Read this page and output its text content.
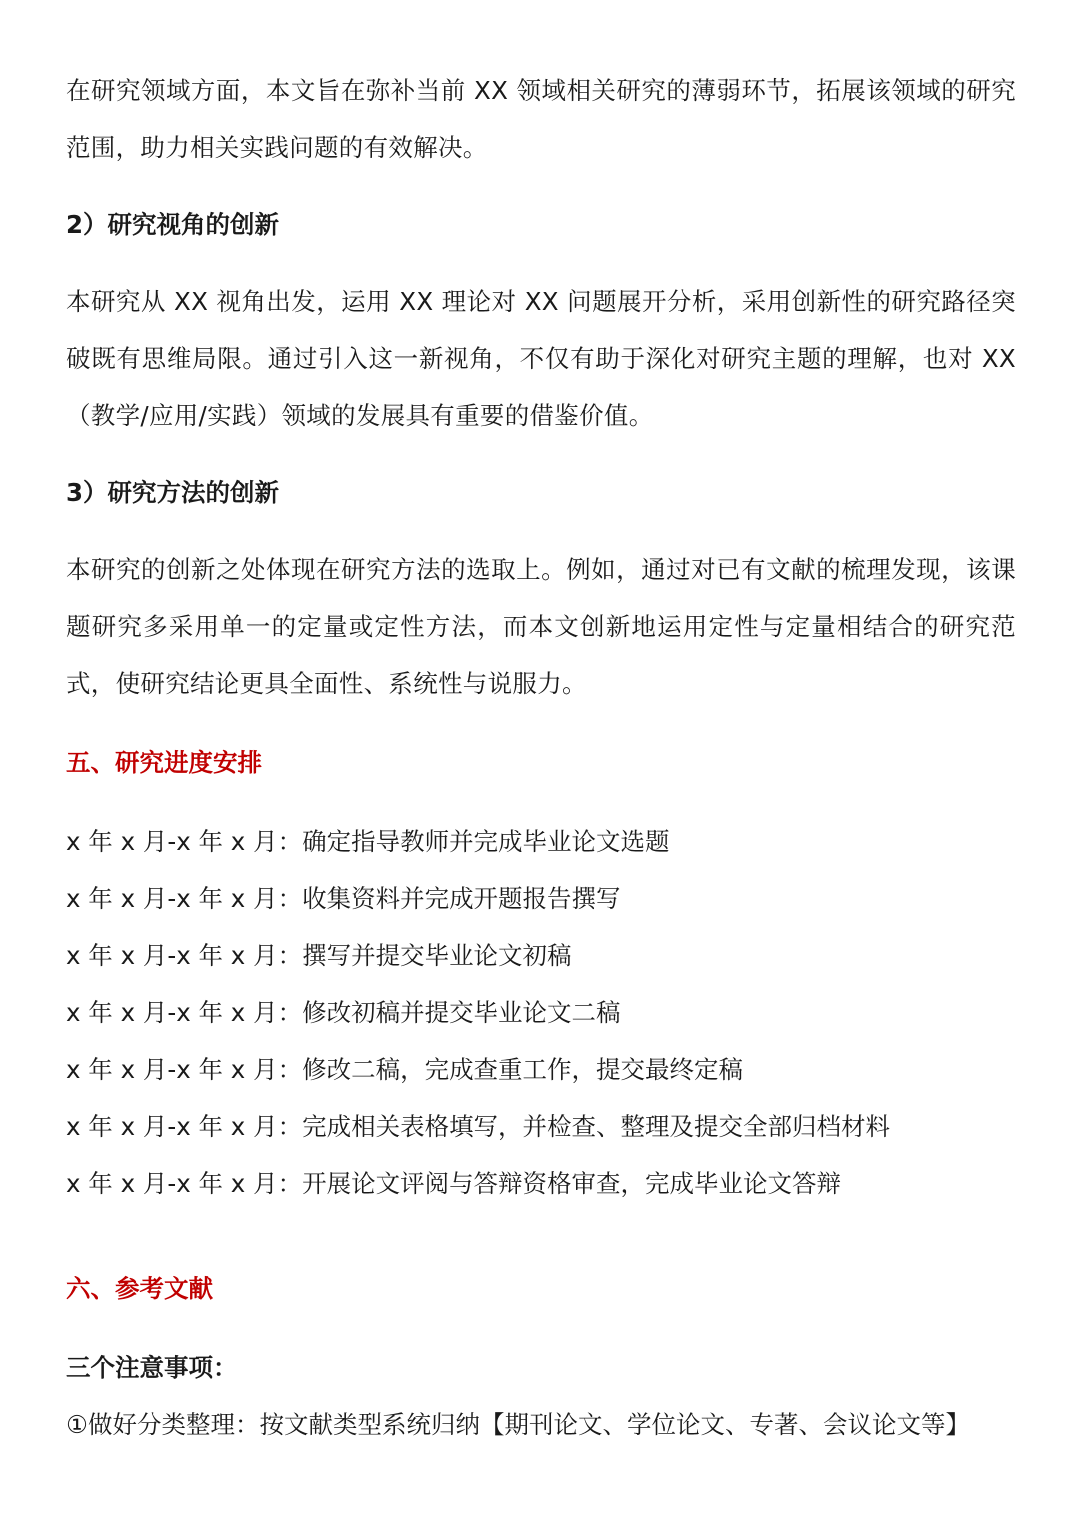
在研究领域方面，本文旨在弥补当前 XX 领域相关研究的薄弱环节，拓展该领域的研究范围，助力相关实践问题的有效解决。

2）研究视角的创新

本研究从 XX 视角出发，运用 XX 理论对 XX 问题展开分析，采用创新性的研究路径突破既有思维局限。通过引入这一新视角，不仅有助于深化对研究主题的理解，也对 XX（教学/应用/实践）领域的发展具有重要的借鉴价值。

3）研究方法的创新

本研究的创新之处体现在研究方法的选取上。例如，通过对已有文献的梳理发现，该课题研究多采用单一的定量或定性方法，而本文创新地运用定性与定量相结合的研究范式，使研究结论更具全面性、系统性与说服力。

五、研究进度安排

x 年 x 月-x 年 x 月：确定指导教师并完成毕业论文选题

x 年 x 月-x 年 x 月：收集资料并完成开题报告撰写

x 年 x 月-x 年 x 月：撰写并提交毕业论文初稿

x 年 x 月-x 年 x 月：修改初稿并提交毕业论文二稿

x 年 x 月-x 年 x 月：修改二稿，完成查重工作，提交最终定稿

x 年 x 月-x 年 x 月：完成相关表格填写，并检查、整理及提交全部归档材料

x 年 x 月-x 年 x 月：开展论文评阅与答辩资格审查，完成毕业论文答辩

六、参考文献

三个注意事项：

①做好分类整理：按文献类型系统归纳【期刊论文、学位论文、专著、会议论文等】
